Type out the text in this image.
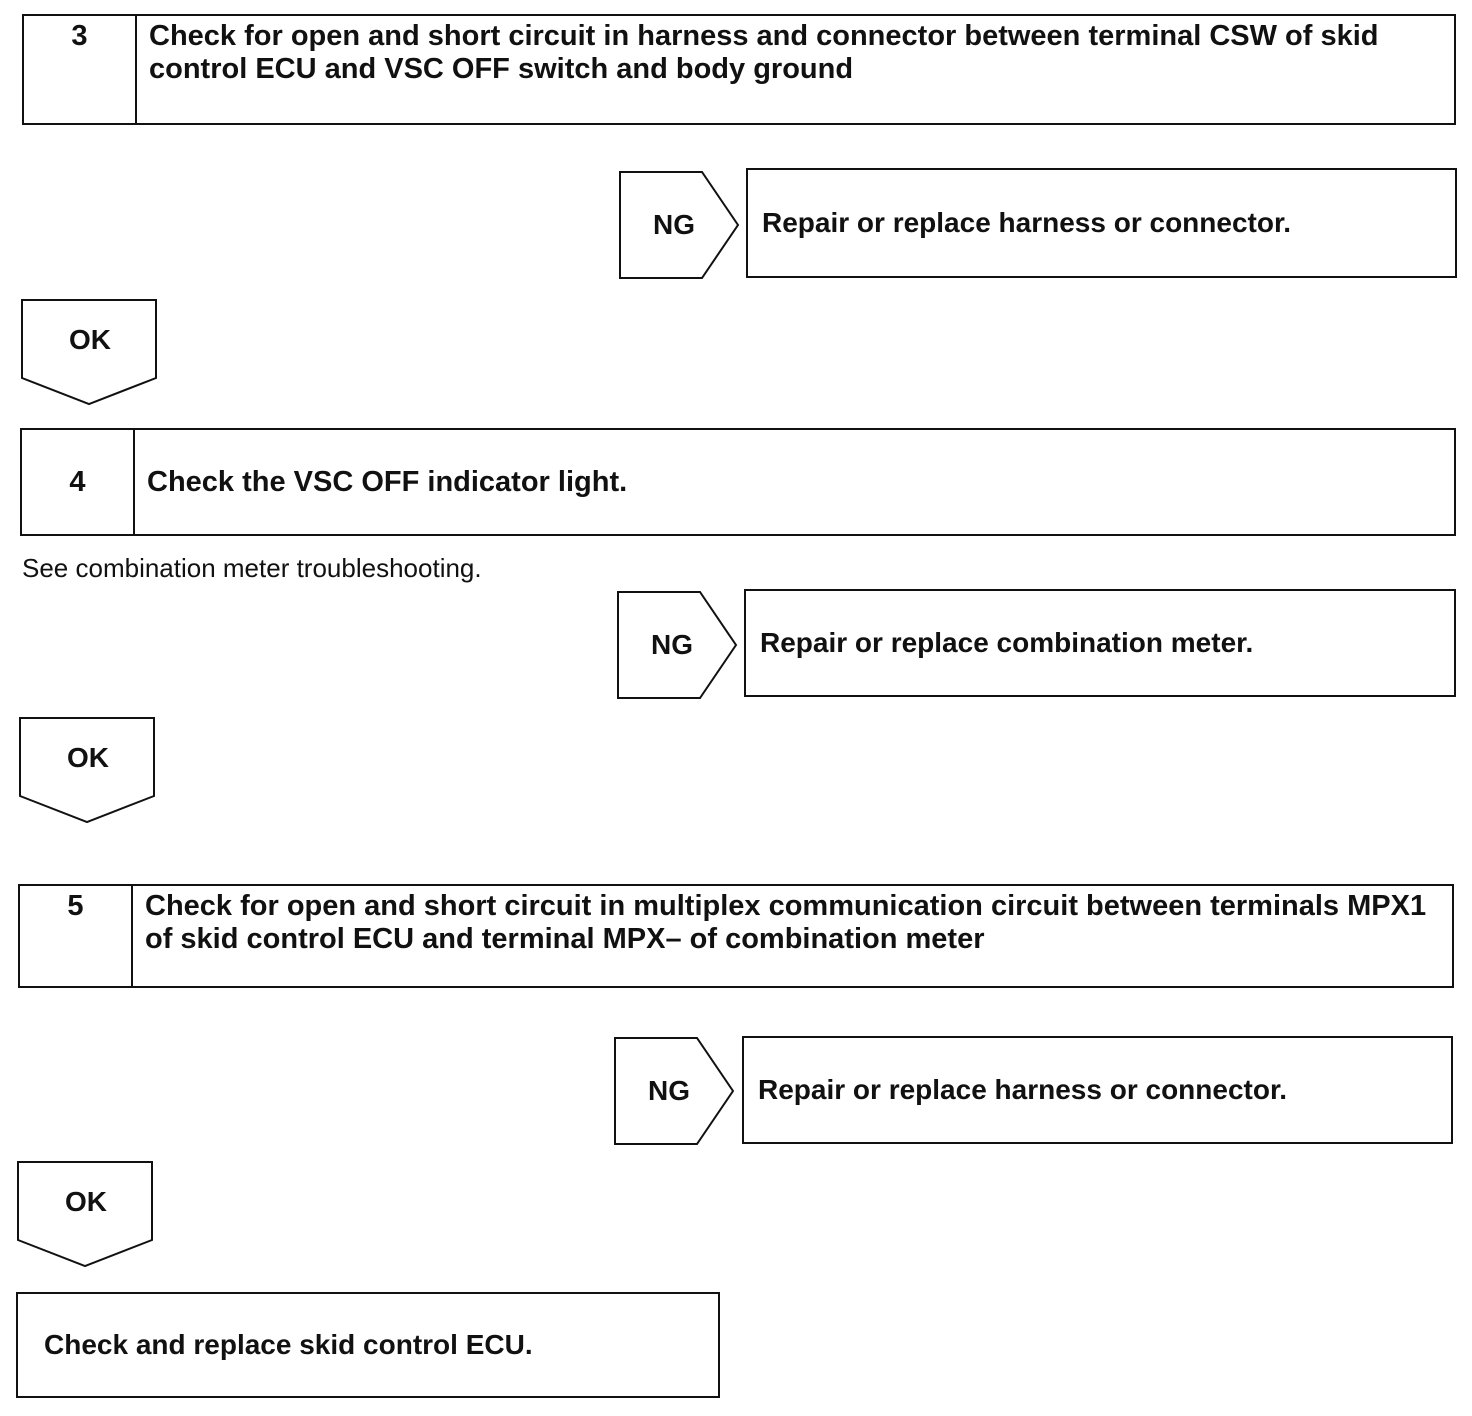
3	Check for open and short circuit in harness and connector between terminal CSW of skid control ECU and VSC OFF switch and body ground
NG	Repair or replace harness or connector.
OK
4	Check the VSC OFF indicator light.
See combination meter troubleshooting.
NG	Repair or replace combination meter.
OK
5	Check for open and short circuit in multiplex communication circuit between terminals MPX1 of skid control ECU and terminal MPX– of combination meter
NG	Repair or replace harness or connector.
OK
Check and replace skid control ECU.
